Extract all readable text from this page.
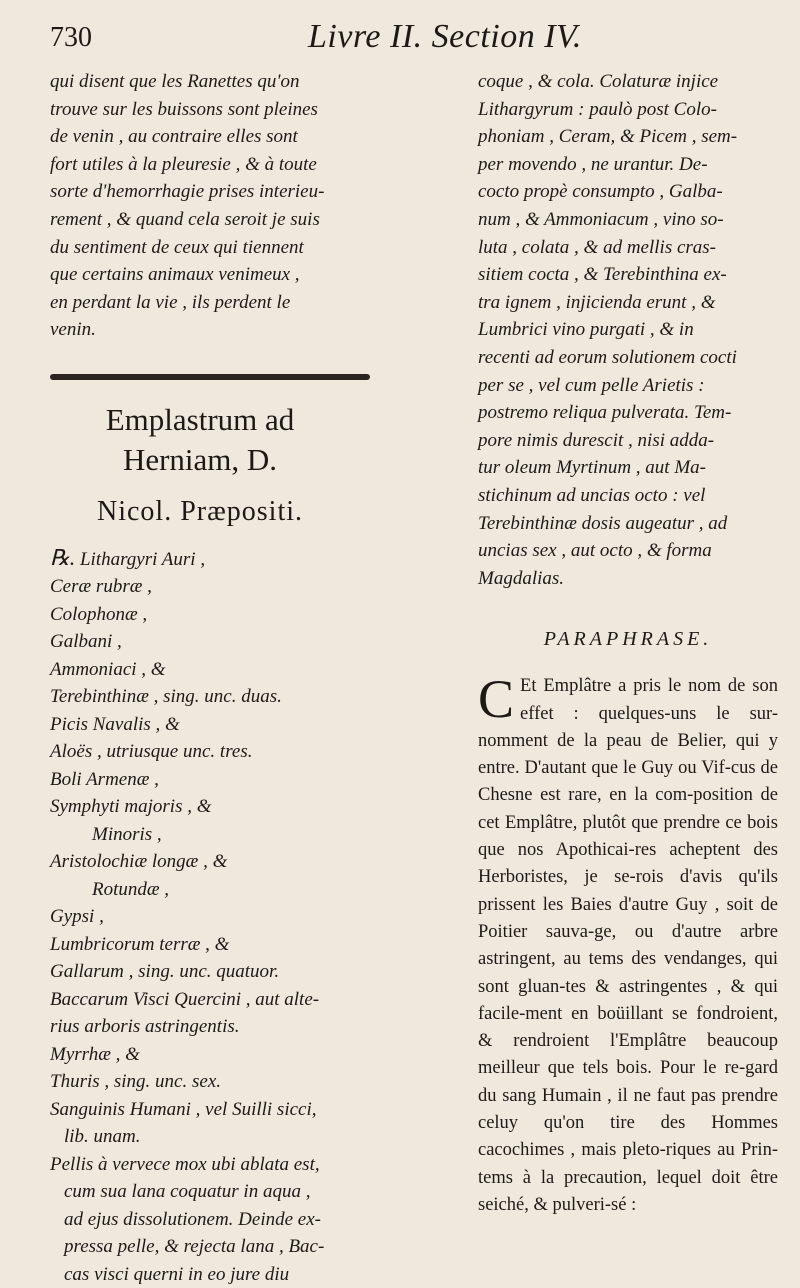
730	Livre II. Section IV.

qui disent que les Ranettes qu'on

trouve sur les buissons sont pleines

de venin , au contraire elles sont

fort utiles à la pleuresie , & à toute

sorte d'hemorrhagie prises interieu-

rement , & quand cela seroit je suis

du sentiment de ceux qui tiennent

que certains animaux venimeux ,

en perdant la vie , ils perdent le

venin.

Emplastrum ad Herniam, D.

Nicol. Præpositi.

℞. Lithargyri Auri ,

Ceræ rubræ ,

Colophonæ ,

Galbani ,

Ammoniaci , &

Terebinthinæ , sing. unc. duas.

Picis Navalis , &

Aloës , utriusque unc. tres.

Boli Armenæ ,

Symphyti majoris , &

Minoris ,

Aristolochiæ longæ , &

Rotundæ ,

Gypsi ,

Lumbricorum terræ , &

Gallarum , sing. unc. quatuor.

Baccarum Visci Quercini , aut alte-

rius arboris astringentis.

Myrrhæ , &

Thuris , sing. unc. sex.

Sanguinis Humani , vel Suilli sicci,

lib. unam.

Pellis à vervece mox ubi ablata est,

cum sua lana coquatur in aqua ,

ad ejus dissolutionem. Deinde ex-

pressa pelle, & rejecta lana , Bac-

cas visci querni in eo jure diu

coque , & cola. Colaturæ injice

Lithargyrum : paulò post Colo-

phoniam , Ceram, & Picem , sem-

per movendo , ne urantur. De-

cocto propè consumpto , Galba-

num , & Ammoniacum , vino so-

luta , colata , & ad mellis cras-

sitiem cocta , & Terebinthina ex-

tra ignem , injicienda erunt , &

Lumbrici vino purgati , & in

recenti ad eorum solutionem cocti

per se , vel cum pelle Arietis :

postremo reliqua pulverata. Tem-

pore nimis durescit , nisi adda-

tur oleum Myrtinum , aut Ma-

stichinum ad uncias octo : vel

Terebinthinæ dosis augeatur , ad

uncias sex , aut octo , & forma

Magdalias.

PARAPHRASE.

C Et Emplâtre a pris le nom de son effet : quelques-uns le sur-nomment de la peau de Belier, qui y entre. D'autant que le Guy ou Vif-cus de Chesne est rare, en la com-position de cet Emplâtre, plutôt que prendre ce bois que nos Apothicai-res acheptent des Herboristes, je se-rois d'avis qu'ils prissent les Baies d'autre Guy , soit de Poitier sauva-ge, ou d'autre arbre astringent, au tems des vendanges, qui sont gluan-tes & astringentes , & qui facile-ment en boüillant se fondroient, & rendroient l'Emplâtre beaucoup meilleur que tels bois. Pour le re-gard du sang Humain , il ne faut pas prendre celuy qu'on tire des Hommes cacochimes , mais pleto-riques au Prin-tems à la precaution, lequel doit être seiché, & pulveri-sé :
